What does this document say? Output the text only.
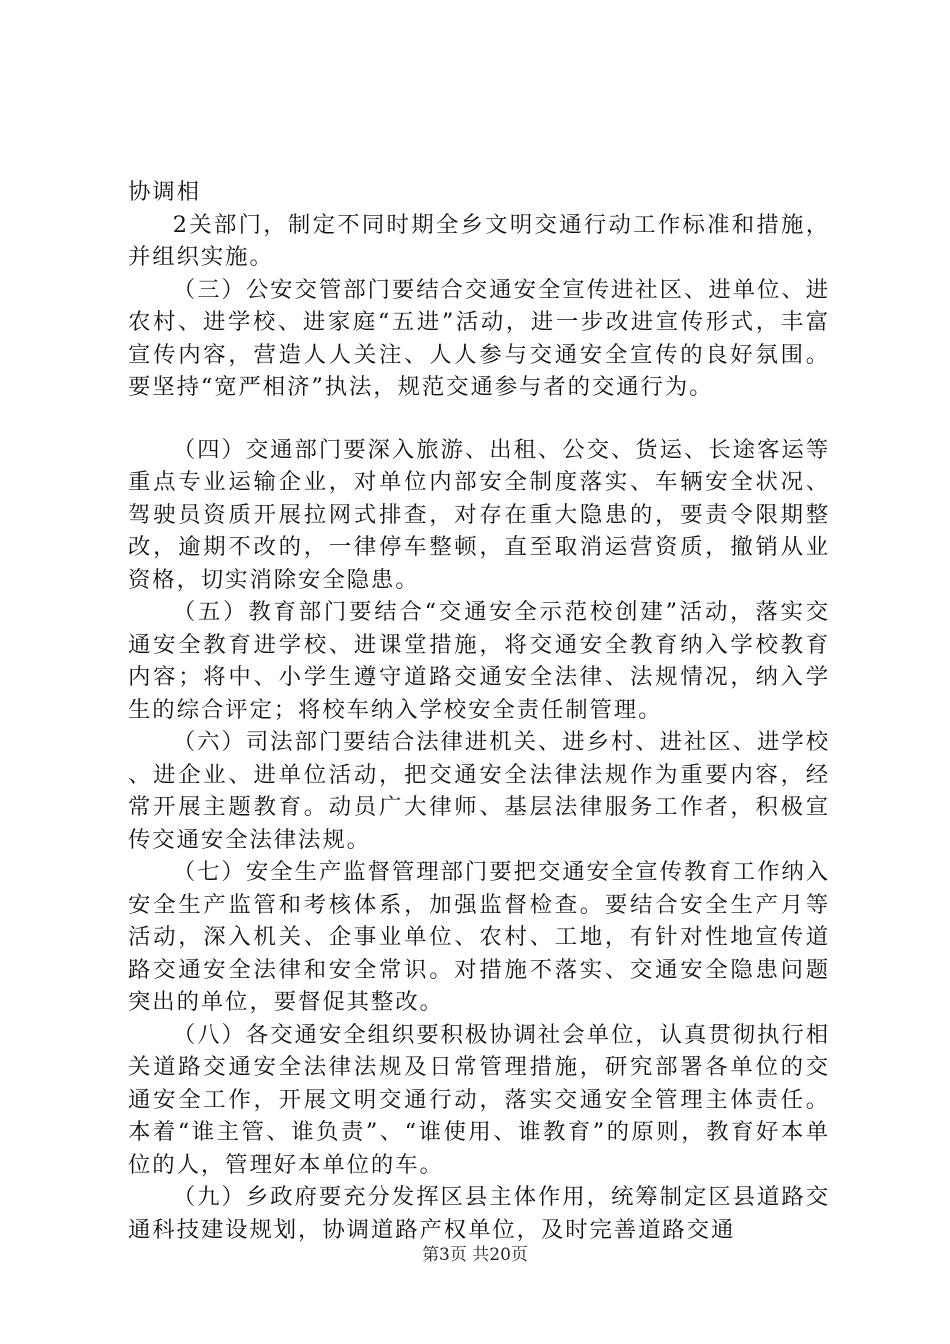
协调相

2关部门，制定不同时期全乡文明交通行动工作标准和措施，并组织实施。

（三）公安交管部门要结合交通安全宣传进社区、进单位、进农村、进学校、进家庭“五进”活动，进一步改进宣传形式，丰富宣传内容，营造人人关注、人人参与交通安全宣传的良好氛围。要坚持“宽严相济”执法，规范交通参与者的交通行为。

（四）交通部门要深入旅游、出租、公交、货运、长途客运等重点专业运输企业，对单位内部安全制度落实、车辆安全状况、驾驶员资质开展拉网式排查，对存在重大隐患的，要责令限期整改，逾期不改的，一律停车整顿，直至取消运营资质，撤销从业资格，切实消除安全隐患。

（五）教育部门要结合“交通安全示范校创建”活动，落实交通安全教育进学校、进课堂措施，将交通安全教育纳入学校教育内容；将中、小学生遵守道路交通安全法律、法规情况，纳入学生的综合评定；将校车纳入学校安全责任制管理。

（六）司法部门要结合法律进机关、进乡村、进社区、进学校、进企业、进单位活动，把交通安全法律法规作为重要内容，经常开展主题教育。动员广大律师、基层法律服务工作者，积极宣传交通安全法律法规。

（七）安全生产监督管理部门要把交通安全宣传教育工作纳入安全生产监管和考核体系，加强监督检查。要结合安全生产月等活动，深入机关、企事业单位、农村、工地，有针对性地宣传道路交通安全法律和安全常识。对措施不落实、交通安全隐患问题突出的单位，要督促其整改。

（八）各交通安全组织要积极协调社会单位，认真贯彻执行相关道路交通安全法律法规及日常管理措施，研究部署各单位的交通安全工作，开展文明交通行动，落实交通安全管理主体责任。本着“谁主管、谁负责”、“谁使用、谁教育”的原则，教育好本单位的人，管理好本单位的车。

（九）乡政府要充分发挥区县主体作用，统筹制定区县道路交通科技建设规划，协调道路产权单位，及时完善道路交通

第3页 共20页
